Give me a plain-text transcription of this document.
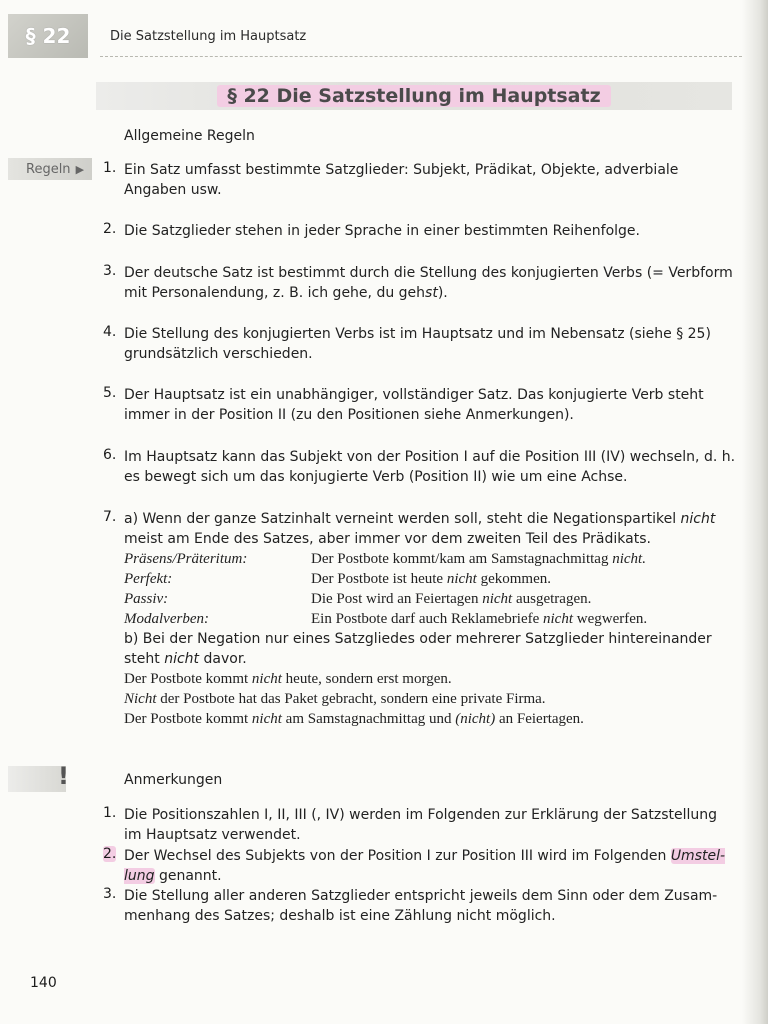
§ 22	Die Satzstellung im Hauptsatz
§ 22 Die Satzstellung im Hauptsatz
Allgemeine Regeln
Regeln ▶ 1. Ein Satz umfasst bestimmte Satzglieder: Subjekt, Prädikat, Objekte, adverbiale Angaben usw.
2. Die Satzglieder stehen in jeder Sprache in einer bestimmten Reihenfolge.
3. Der deutsche Satz ist bestimmt durch die Stellung des konjugierten Verbs (= Verbform mit Personalendung, z. B. ich gehe, du gehst).
4. Die Stellung des konjugierten Verbs ist im Hauptsatz und im Nebensatz (siehe § 25) grundsätzlich verschieden.
5. Der Hauptsatz ist ein unabhängiger, vollständiger Satz. Das konjugierte Verb steht immer in der Position II (zu den Positionen siehe Anmerkungen).
6. Im Hauptsatz kann das Subjekt von der Position I auf die Position III (IV) wechseln, d. h. es bewegt sich um das konjugierte Verb (Position II) wie um eine Achse.
7. a) Wenn der ganze Satzinhalt verneint werden soll, steht die Negationspartikel nicht meist am Ende des Satzes, aber immer vor dem zweiten Teil des Prädikats.
Präsens/Präteritum:	Der Postbote kommt/kam am Samstagnachmittag nicht.
Perfekt:	Der Postbote ist heute nicht gekommen.
Passiv:	Die Post wird an Feiertagen nicht ausgetragen.
Modalverben:	Ein Postbote darf auch Reklamebriefe nicht wegwerfen.
b) Bei der Negation nur eines Satzgliedes oder mehrerer Satzglieder hintereinander steht nicht davor.
Der Postbote kommt nicht heute, sondern erst morgen.
Nicht der Postbote hat das Paket gebracht, sondern eine private Firma.
Der Postbote kommt nicht am Samstagnachmittag und (nicht) an Feiertagen.
!	Anmerkungen
1. Die Positionszahlen I, II, III (, IV) werden im Folgenden zur Erklärung der Satzstellung im Hauptsatz verwendet.
2. Der Wechsel des Subjekts von der Position I zur Position III wird im Folgenden Umstel-lung genannt.
3. Die Stellung aller anderen Satzglieder entspricht jeweils dem Sinn oder dem Zusam-menhang des Satzes; deshalb ist eine Zählung nicht möglich.
140
